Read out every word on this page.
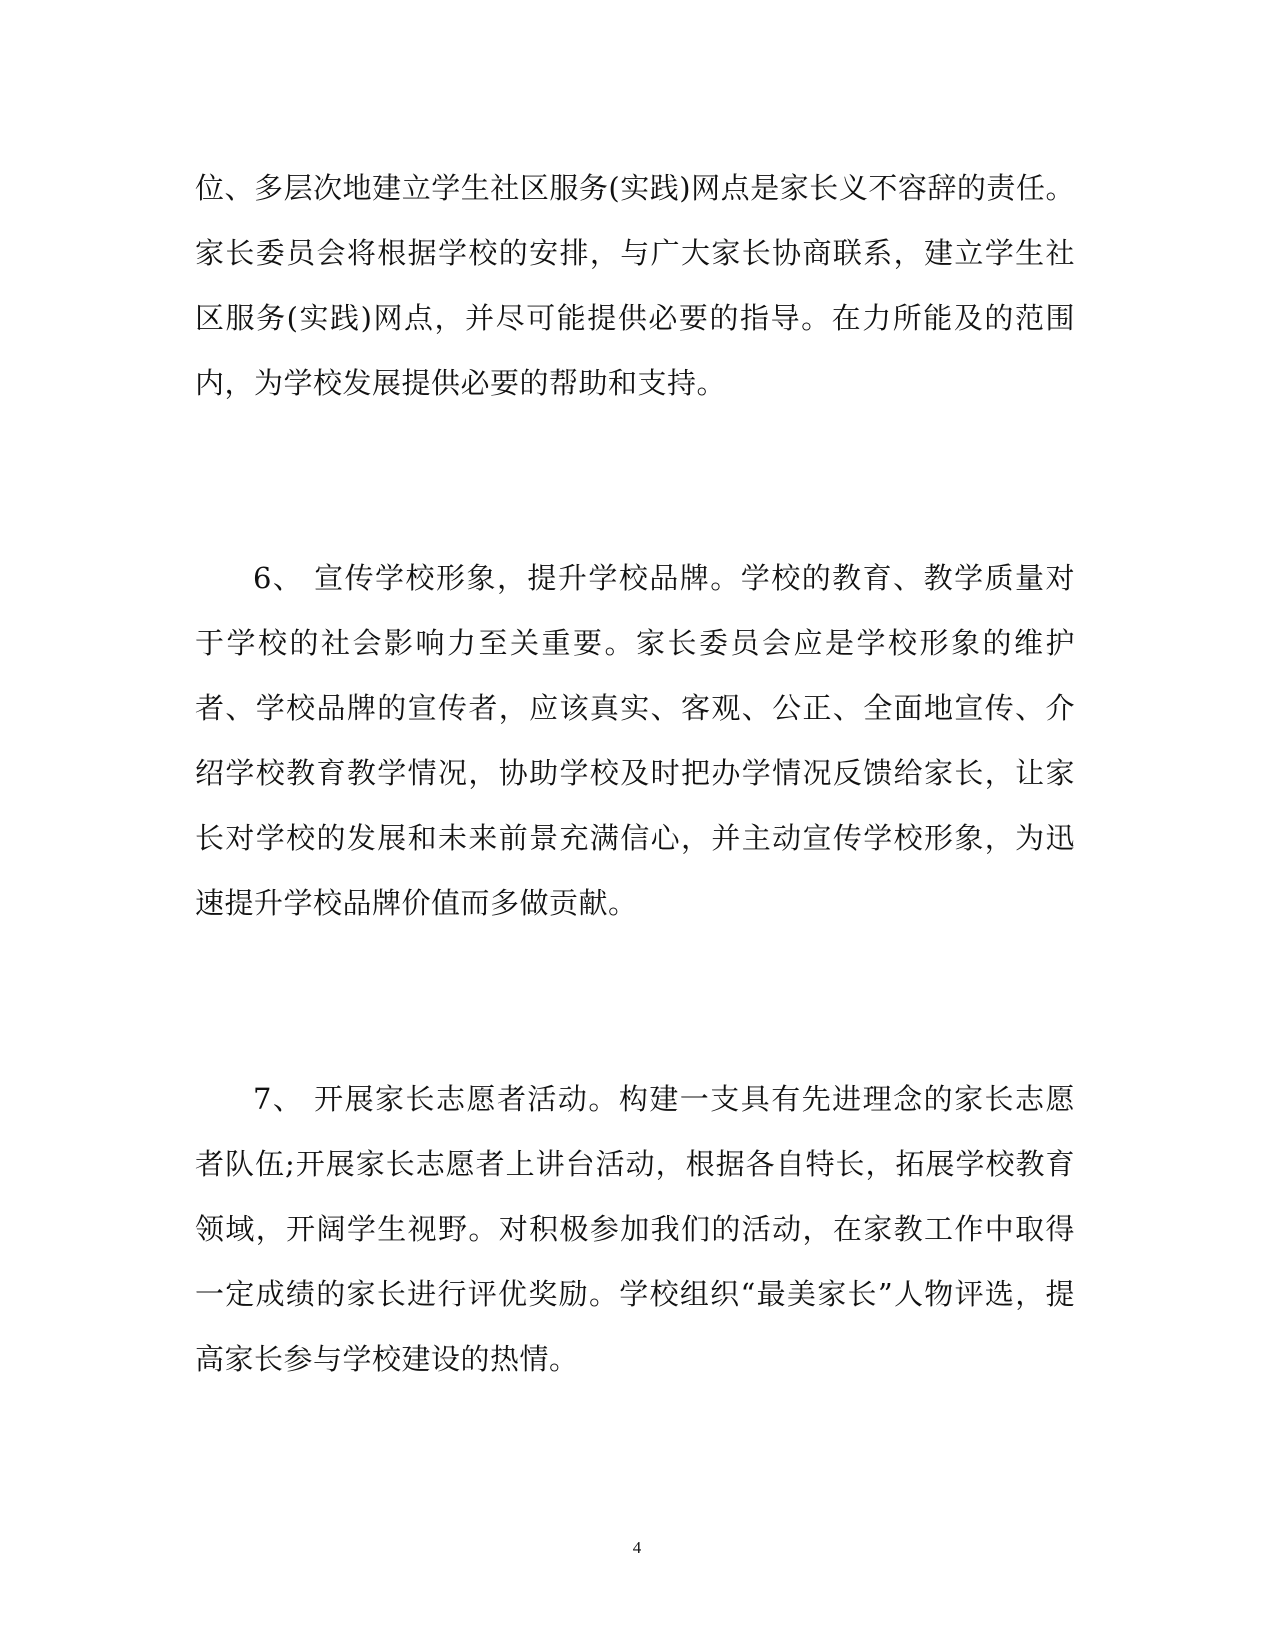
位、多层次地建立学生社区服务(实践)网点是家长义不容辞的责任。家长委员会将根据学校的安排，与广大家长协商联系，建立学生社区服务(实践)网点，并尽可能提供必要的指导。在力所能及的范围内，为学校发展提供必要的帮助和支持。

6、 宣传学校形象，提升学校品牌。学校的教育、教学质量对于学校的社会影响力至关重要。家长委员会应是学校形象的维护者、学校品牌的宣传者，应该真实、客观、公正、全面地宣传、介绍学校教育教学情况，协助学校及时把办学情况反馈给家长，让家长对学校的发展和未来前景充满信心，并主动宣传学校形象，为迅速提升学校品牌价值而多做贡献。

7、 开展家长志愿者活动。构建一支具有先进理念的家长志愿者队伍;开展家长志愿者上讲台活动，根据各自特长，拓展学校教育领域，开阔学生视野。对积极参加我们的活动，在家教工作中取得一定成绩的家长进行评优奖励。学校组织“最美家长”人物评选，提高家长参与学校建设的热情。

4
